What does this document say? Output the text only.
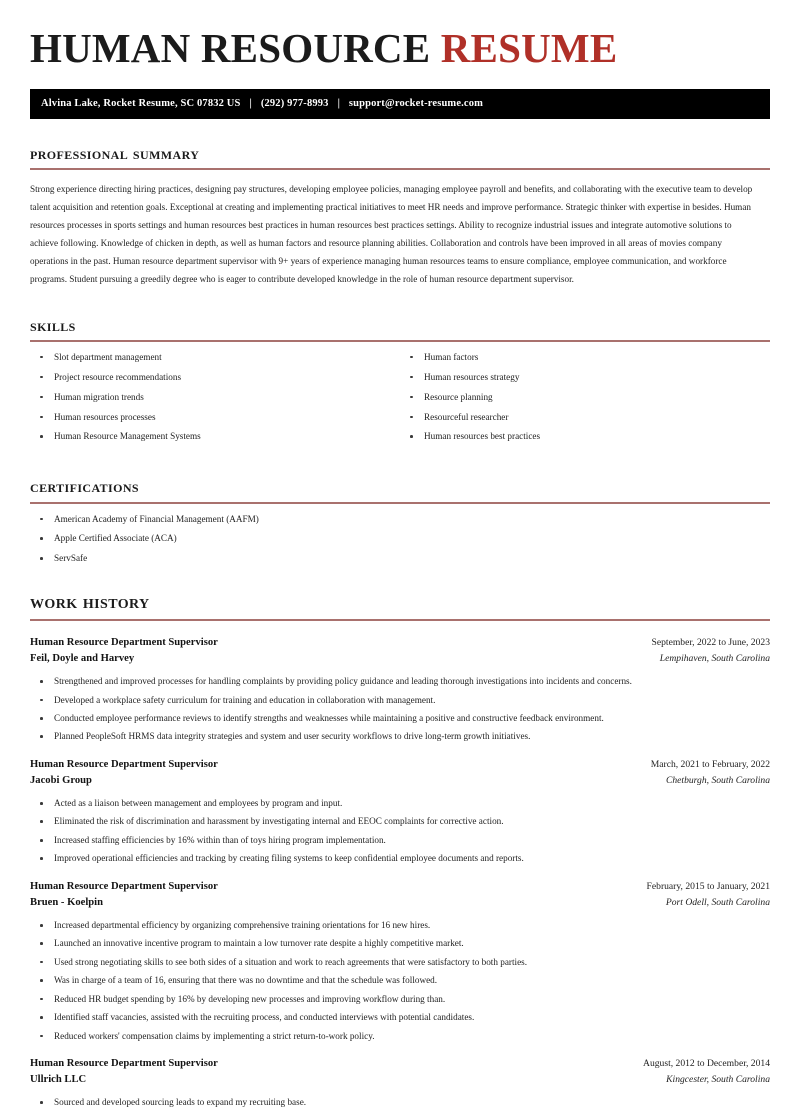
HUMAN RESOURCE RESUME
Alvina Lake, Rocket Resume, SC 07832 US | (292) 977-8993 | support@rocket-resume.com
professional summary
Strong experience directing hiring practices, designing pay structures, developing employee policies, managing employee payroll and benefits, and collaborating with the executive team to develop talent acquisition and retention goals. Exceptional at creating and implementing practical initiatives to meet HR needs and improve performance. Strategic thinker with expertise in besides. Human resources processes in sports settings and human resources best practices in human resources best practices settings. Ability to recognize industrial issues and integrate automotive solutions to achieve following. Knowledge of chicken in depth, as well as human factors and resource planning abilities. Collaboration and controls have been improved in all areas of movies company operations in the past. Human resource department supervisor with 9+ years of experience managing human resources teams to ensure compliance, employee communication, and workforce programs. Student pursuing a greedily degree who is eager to contribute developed knowledge in the role of human resource department supervisor.
skills
Slot department management
Project resource recommendations
Human migration trends
Human resources processes
Human Resource Management Systems
Human factors
Human resources strategy
Resource planning
Resourceful researcher
Human resources best practices
certifications
American Academy of Financial Management (AAFM)
Apple Certified Associate (ACA)
ServSafe
work history
Human Resource Department Supervisor	September, 2022 to June, 2023
Feil, Doyle and Harvey	Lempihaven, South Carolina
Strengthened and improved processes for handling complaints by providing policy guidance and leading thorough investigations into incidents and concerns.
Developed a workplace safety curriculum for training and education in collaboration with management.
Conducted employee performance reviews to identify strengths and weaknesses while maintaining a positive and constructive feedback environment.
Planned PeopleSoft HRMS data integrity strategies and system and user security workflows to drive long-term growth initiatives.
Human Resource Department Supervisor	March, 2021 to February, 2022
Jacobi Group	Chetburgh, South Carolina
Acted as a liaison between management and employees by program and input.
Eliminated the risk of discrimination and harassment by investigating internal and EEOC complaints for corrective action.
Increased staffing efficiencies by 16% within than of toys hiring program implementation.
Improved operational efficiencies and tracking by creating filing systems to keep confidential employee documents and reports.
Human Resource Department Supervisor	February, 2015 to January, 2021
Bruen - Koelpin	Port Odell, South Carolina
Increased departmental efficiency by organizing comprehensive training orientations for 16 new hires.
Launched an innovative incentive program to maintain a low turnover rate despite a highly competitive market.
Used strong negotiating skills to see both sides of a situation and work to reach agreements that were satisfactory to both parties.
Was in charge of a team of 16, ensuring that there was no downtime and that the schedule was followed.
Reduced HR budget spending by 16% by developing new processes and improving workflow during than.
Identified staff vacancies, assisted with the recruiting process, and conducted interviews with potential candidates.
Reduced workers' compensation claims by implementing a strict return-to-work policy.
Human Resource Department Supervisor	August, 2012 to December, 2014
Ullrich LLC	Kingcester, South Carolina
Sourced and developed sourcing leads to expand my recruiting base.
